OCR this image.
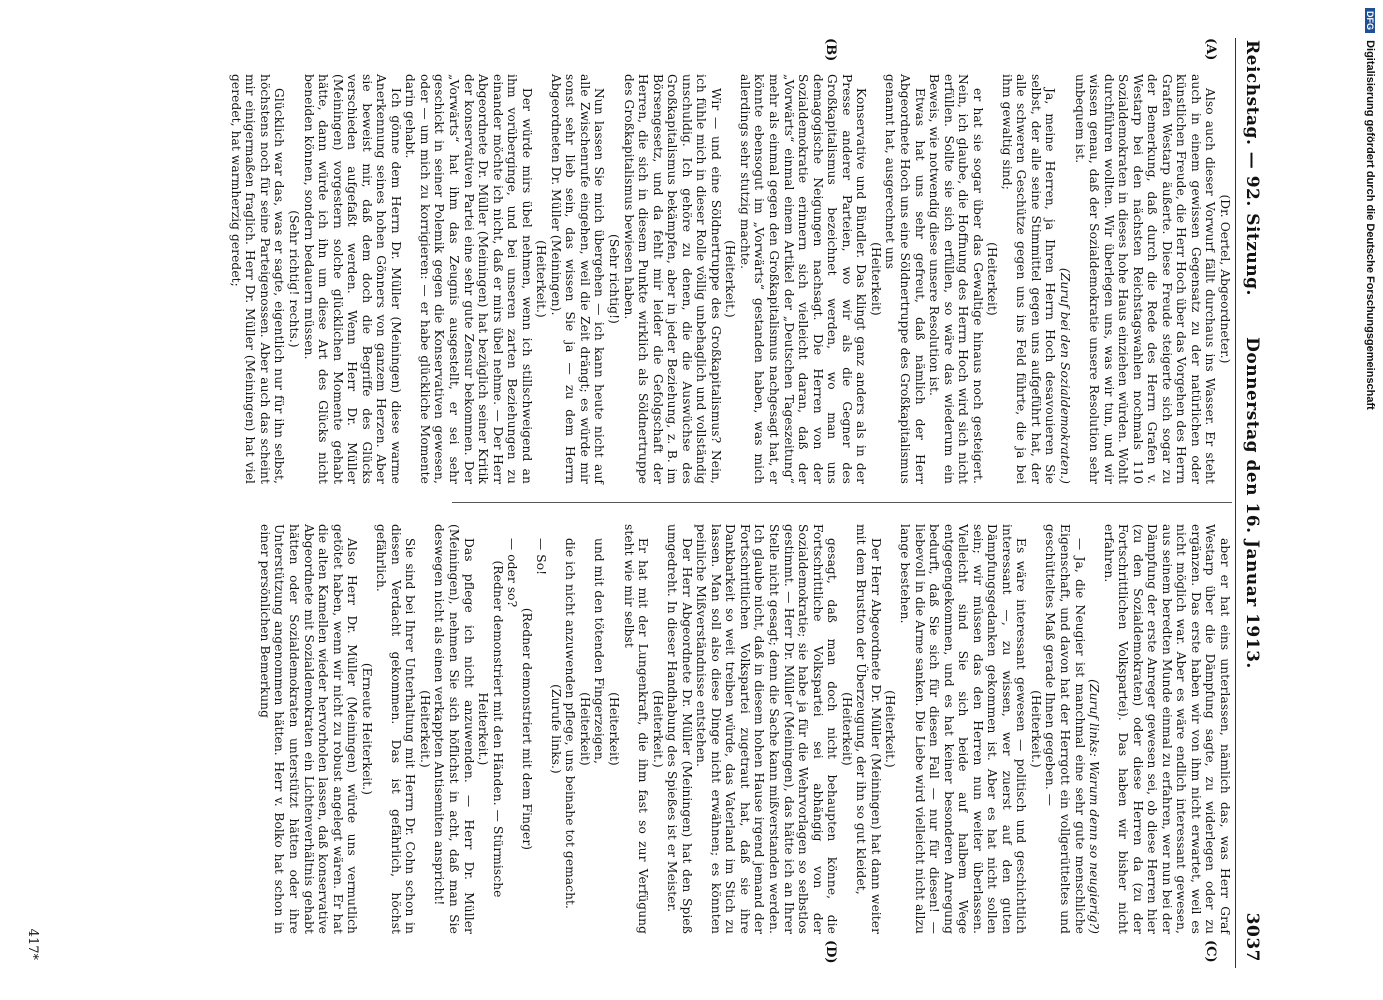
Reichstag. — 92. Sitzung.
Donnerstag den 16. Januar 1913.
3037
(A)
(B)
(C)
(D)

(Dr. Oertel, Abgeordneter.)

Also auch dieser Vorwurf fällt durchaus ins Wasser. Er steht auch in einem gewissen Gegensatz zu der natürlichen oder künstlichen Freude, die Herr Hoch über das Vorgehen des Herrn Grafen Westarp äußerte. Diese Freude steigerte sich sogar zu der Bemerkung, daß durch die Rede des Herrn Grafen v. Westarp bei den nächsten Reichstagswahlen nochmals 110 Sozialdemokraten in dieses hohe Haus einziehen würden. Wohlt durchführen wollten. Wir überlegen uns, was wir tun, und wir wissen genau, daß der Sozialdemokratie unsere Resolution sehr unbequem ist.

(Zuruf bei den Sozialdemokraten.)

Ja, meine Herren, ja Ihren Herrn Hoch desavouieren Sie selbst, der alle seine Stimmittel gegen uns aufgeführt hat, der alle schweren Geschütze gegen uns ins Feld führte, die ja bei ihm gewaltig sind;

(Heiterkeit)

er hat sie sogar über das Gewaltige hinaus noch gesteigert. Nein, ich glaube, die Hoffnung des Herrn Hoch wird sich nicht erfüllen. Sollte sie sich erfüllen, so wäre das wiederum ein Beweis, wie notwendig diese unsere Resolution ist.

Etwas hat uns sehr gefreut, daß nämlich der Herr Abgeordnete Hoch uns eine Söldnertruppe des Großkapitalismus genannt hat, ausgerechnet uns

(Heiterkeit)

Konservative und Bündler. Das klingt ganz anders als in der Presse anderer Parteien, wo wir als die Gegner des Großkapitalismus bezeichnet werden, wo man uns demagogische Neigungen nachsagt. Die Herren von der Sozialdemokratie erinnern sich vielleicht daran, daß der „Vorwärts“ einmal einem Artikel der „Deutschen Tageszeitung“ mehr als einmal gegen den Großkapitalismus nachgesagt hat, er könnte ebensogut im „Vorwärts“ gestanden haben, was mich allerdings sehr stutzig machte.

(Heiterkeit.)

Wir — und eine Söldnertruppe des Großkapitalismus? Nein, ich fühle mich in dieser Rolle völlig unbehaglich und vollständig unschuldig. Ich gehöre zu denen, die die Auswüchse des Großkapitalismus bekämpfen, aber in jeder Beziehung, z. B. im Börsengesetz, und da fehlt mir leider die Gefolgschaft der Herren, die sich in diesem Punkte wirklich als Söldnertruppe des Großkapitalismus bewiesen haben.

(Sehr richtig!)

Nun lassen Sie mich übergehen — ich kann heute nicht auf alle Zwischenrufe eingehen, weil die Zeit drängt; es würde mir sonst sehr lieb sein, das wissen Sie ja — zu dem Herrn Abgeordneten Dr. Müller (Meiningen).

(Heiterkeit.)

Der würde mirs übel nehmen, wenn ich stillschweigend an ihm vorüberginge, und bei unseren zarten Beziehungen zu einander möchte ich nicht, daß er mirs übel nehme. — Der Herr Abgeordnete Dr. Müller (Meiningen) hat bezüglich seiner Kritik der konservativen Partei eine sehr gute Zensur bekommen. Der „Vorwärts“ hat ihm das Zeugnis ausgestellt, er sei sehr geschickt in seiner Polemik gegen die Konservativen gewesen, oder — um mich zu korrigieren: — er habe glückliche Momente darin gehabt.

Ich gönne dem Herrn Dr. Müller (Meiningen) diese warme Anerkennung seines hohen Gönners von ganzem Herzen. Aber sie beweist mir, daß dem doch die Begriffe des Glücks verschieden aufgefaßt werden. Wenn Herr Dr. Müller (Meiningen) vorgestern solche glücklichen Momente gehabt hätte, dann würde ich ihn um diese Art des Glücks nicht beneiden können, sondern bedauern müssen.

(Sehr richtig! rechts.)

Glücklich war das, was er sagte, eigentlich nur für ihn selbst, höchstens noch für seine Parteigenossen. Aber auch das scheint mir einigermaßen fraglich. Herr Dr. Müller (Meiningen) hat viel geredet, hat warmherzig geredet;

aber er hat eins unterlassen, nämlich das, was Herr Graf Westarp über die Dämpfung sagte, zu widerlegen oder zu ergänzen. Das erste haben wir von ihm nicht erwartet, weil es nicht möglich war. Aber es wäre endlich interessant gewesen, aus seinem beredten Munde einmal zu erfahren, wer nun bei der Dämpfung der erste Anreger gewesen sei, ob diese Herren hier (zu den Sozialdemokraten) oder diese Herren da (zu der Fortschrittlichen Volkspartei). Das haben wir bisher nicht erfahren.

(Zuruf links: Warum denn so neugierig?)

— Ja, die Neugier ist manchmal eine sehr gute menschliche Eigenschaft, und davon hat der Herrgott ein vollgerütteltes und geschütteltes Maß gerade Ihnen gegeben. —

(Heiterkeit.)

Es wäre interessant gewesen — politisch und geschichtlich interessant —, zu wissen, wer zuerst auf den guten Dämpfungsgedanken gekommen ist. Aber es hat nicht sollen sein; wir müssen das den Herren nun weiter überlassen. Vielleicht sind Sie sich beide auf halbem Wege entgegengekommen, und es hat keiner besonderen Anregung bedurft, daß Sie sich für diesen Fall — nur für diesen! — liebevoll in die Arme sanken. Die Liebe wird vielleicht nicht allzu lange bestehen.

(Heiterkeit.)

Der Herr Abgeordnete Dr. Müller (Meiningen) hat dann weiter mit dem Brustton der Überzeugung, der ihn so gut kleidet,

(Heiterkeit)

gesagt, daß man doch nicht behaupten könne, die Fortschrittliche Volkspartei sei abhängig von der Sozialdemokratie; sie habe ja für die Wehrvorlagen so selbstlos gestimmt. — Herr Dr. Müller (Meiningen), das hätte ich an Ihrer Stelle nicht gesagt; denn die Sache kann mißverstanden werden. Ich glaube nicht, daß in diesem hohen Hause irgend jemand der Fortschrittlichen Volkspartei zugetraut hat, daß sie ihre Dankbarkeit so weit treiben würde, das Vaterland im Stich zu lassen. Man soll also diese Dinge nicht erwähnen; es könnten peinliche Mißverständnisse entstehen.

Der Herr Abgeordnete Dr. Müller (Meiningen) hat den Spieß umgedreht. In dieser Handhabung des Spießes ist er Meister.

(Heiterkeit.)

Er hat mit der Lungenkraft, die ihm fast so zur Verfügung steht wie mir selbst

(Heiterkeit)

und mit den tötenden Fingerzeigen,

(Heiterkeit)

die ich nicht anzuwenden pflege, uns beinahe tot gemacht.

(Zurufe links.)

— So!

(Redner demonstriert mit dem Finger)

— oder so?

(Redner demonstriert mit den Händen. — Stürmische Heiterkeit.)

Das pflege ich nicht anzuwenden. — Herr Dr. Müller (Meiningen), nehmen Sie sich höflichst in acht, daß man Sie deswegen nicht als einen verkappten Antisemiten anspricht!

(Heiterkeit.)

Sie sind bei Ihrer Unterhaltung mit Herrn Dr. Cohn schon in diesen Verdacht gekommen. Das ist gefährlich, höchst gefährlich.

(Erneute Heiterkeit.)

Also Herr Dr. Müller (Meiningen) würde uns vermutlich getötet haben, wenn wir nicht zu robust angelegt wären. Er hat die alten Kamellen wieder hervorholen lassen, daß konservative Abgeordnete mit Sozialdemokraten ein Lichtenverhältnis gehabt hätten oder Sozialdemokraten unterstützt hätten oder ihre Unterstützung angenommen hätten. Herr v. Bolko hat schon in einer persönlichen Bemerkung

417*
DFG Digitalisierung gefördert durch die Deutsche Forschungsgemeinschaft
